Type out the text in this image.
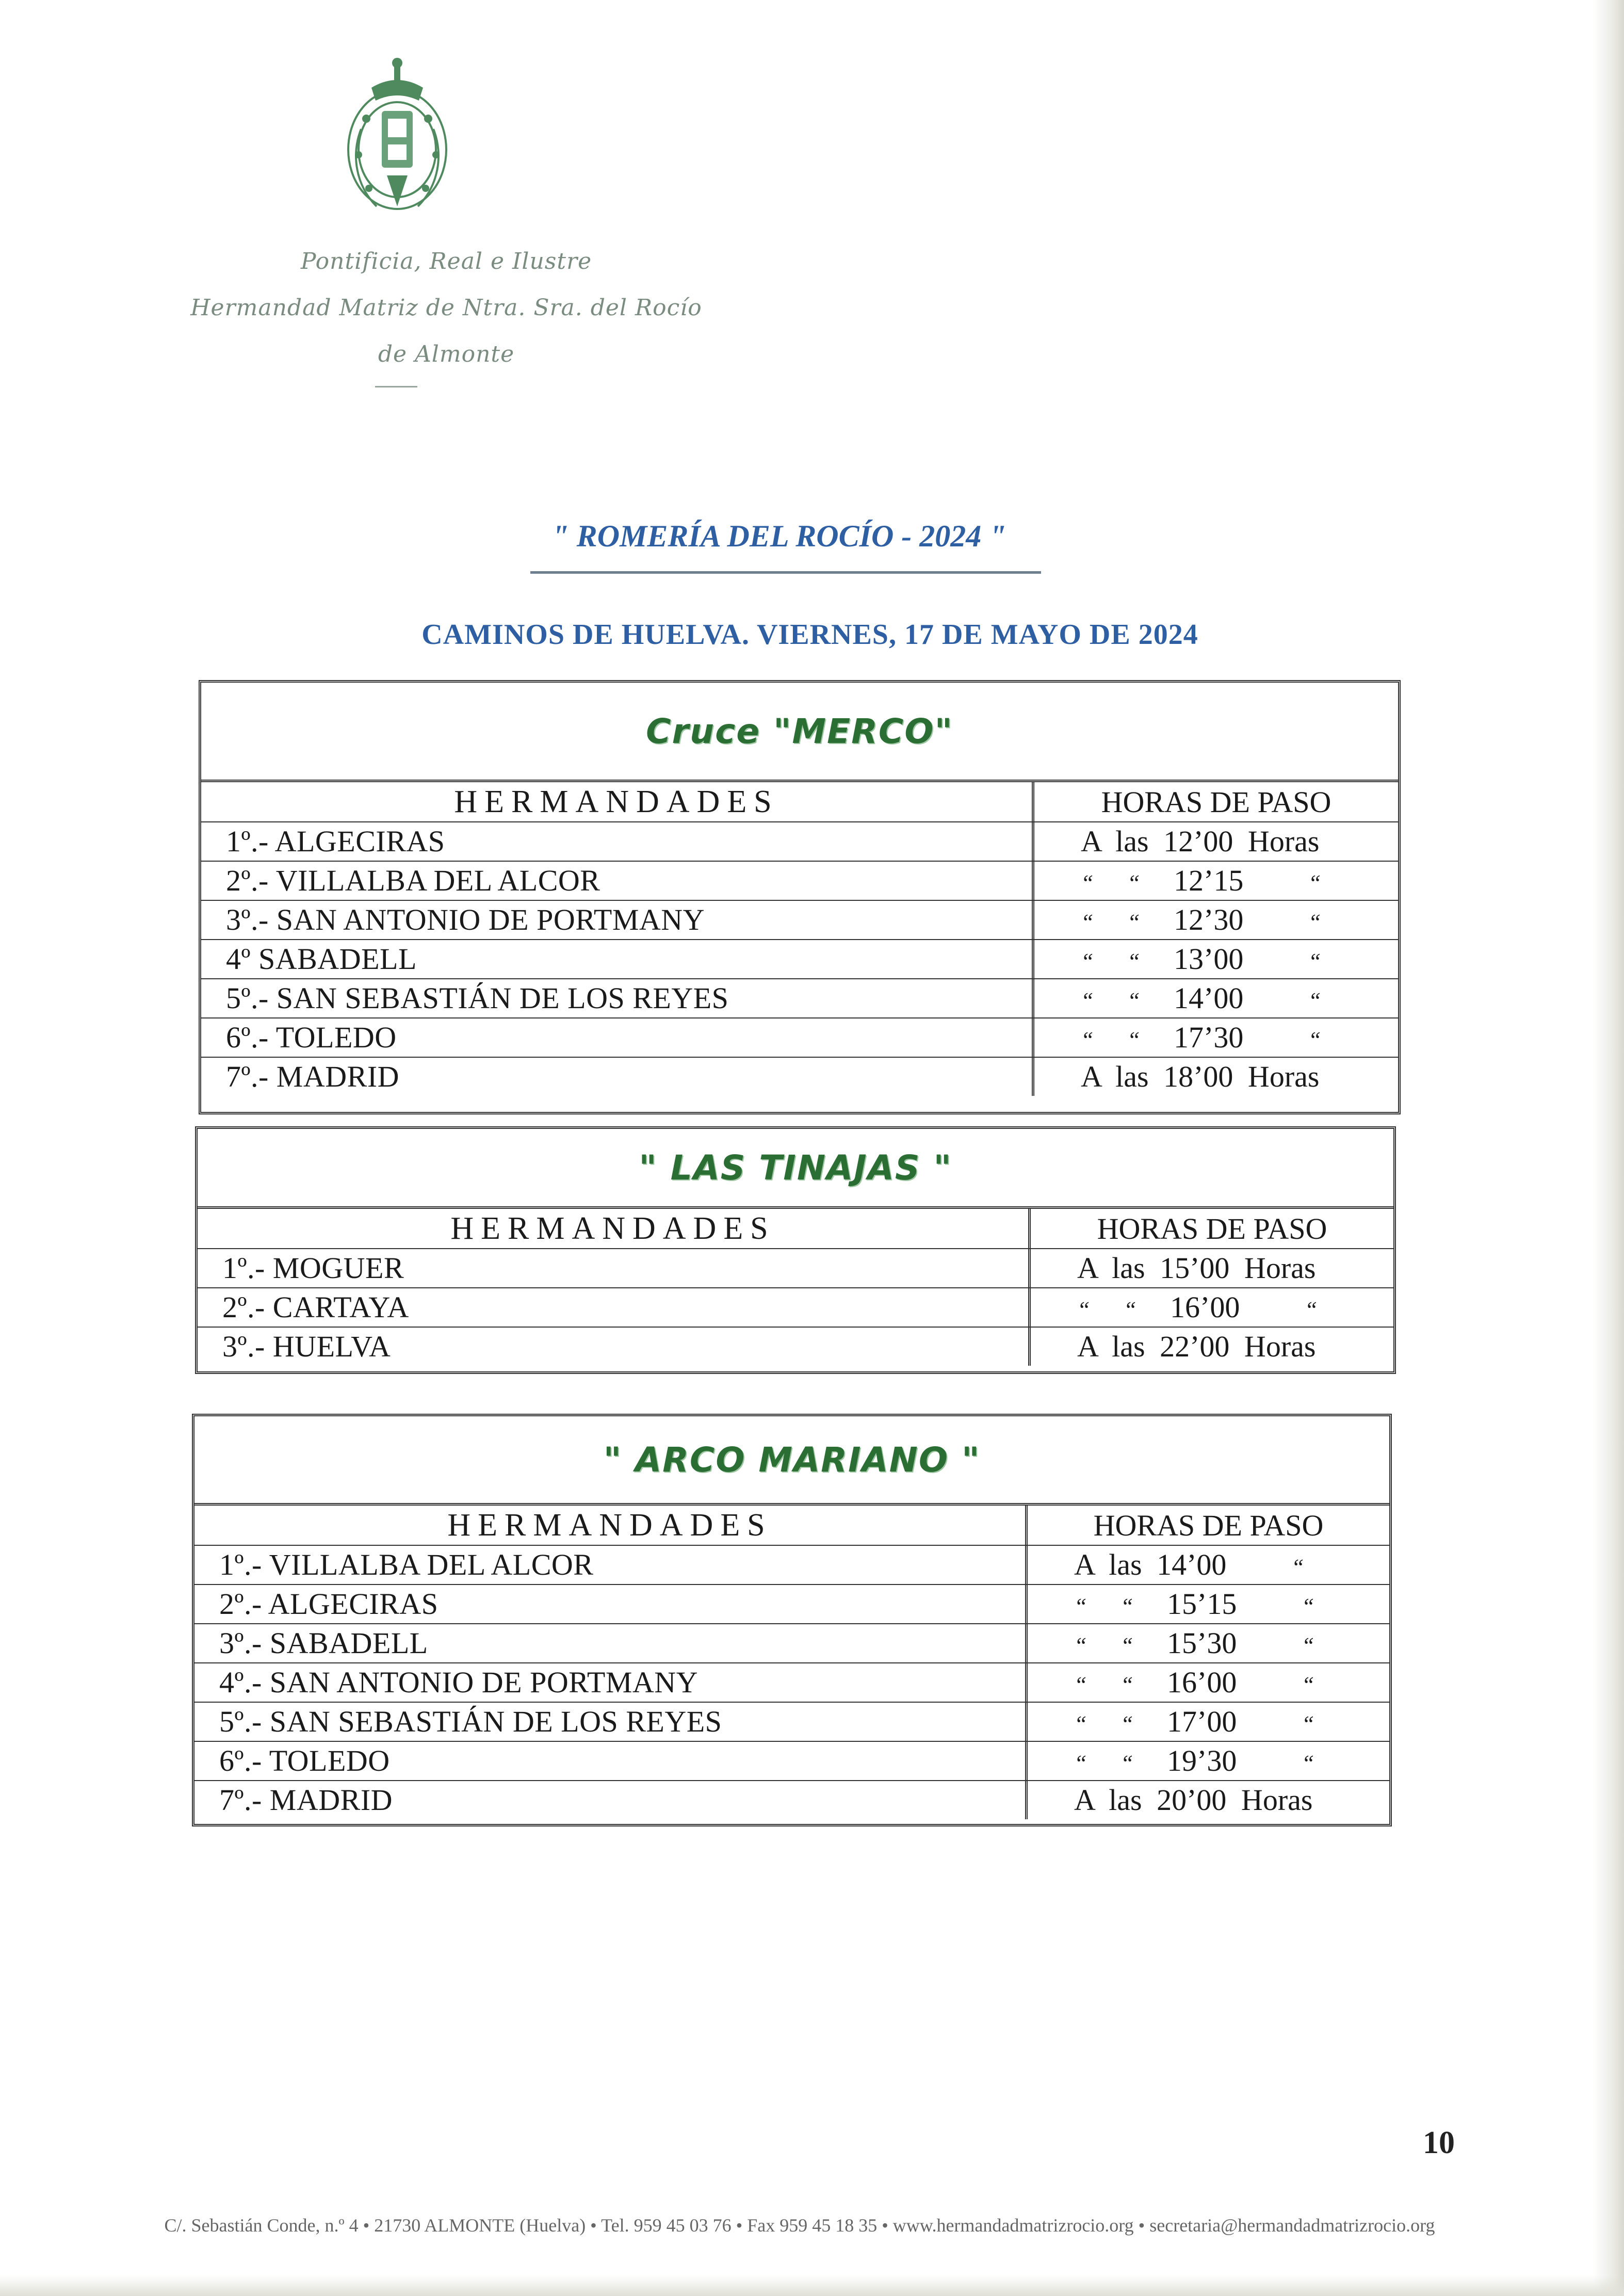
Pontificia, Real e Ilustre
Hermandad Matriz de Ntra. Sra. del Rocío
de Almonte
" ROMERÍA DEL ROCÍO - 2024 "
CAMINOS DE HUELVA. VIERNES, 17 DE MAYO DE 2024
Cruce "MERCO"
HERMANDADES	HORAS DE PASO
1º.- ALGECIRAS	A las 12’00 Horas
2º.- VILLALBA DEL ALCOR	“ “ 12’15	“
3º.- SAN ANTONIO DE PORTMANY	“ “ 12’30	“
4º SABADELL	“ “ 13’00	“
5º.- SAN SEBASTIÁN DE LOS REYES	“ “ 14’00	“
6º.- TOLEDO	“ “ 17’30	“
7º.- MADRID	A las 18’00 Horas
" LAS TINAJAS "
HERMANDADES	HORAS DE PASO
1º.- MOGUER	A las 15’00 Horas
2º.- CARTAYA	“ “ 16’00	“
3º.- HUELVA	A las 22’00 Horas
" ARCO MARIANO "
HERMANDADES	HORAS DE PASO
1º.- VILLALBA DEL ALCOR	A las 14’00	“
2º.- ALGECIRAS	“ “ 15’15	“
3º.- SABADELL	“ “ 15’30	“
4º.- SAN ANTONIO DE PORTMANY	“ “ 16’00	“
5º.- SAN SEBASTIÁN DE LOS REYES	“ “ 17’00	“
6º.- TOLEDO	“ “ 19’30	“
7º.- MADRID	A las 20’00 Horas
10
C/. Sebastián Conde, n.º 4 • 21730 ALMONTE (Huelva) • Tel. 959 45 03 76 • Fax 959 45 18 35 • www.hermandadmatrizrocio.org • secretaria@hermandadmatrizrocio.org
